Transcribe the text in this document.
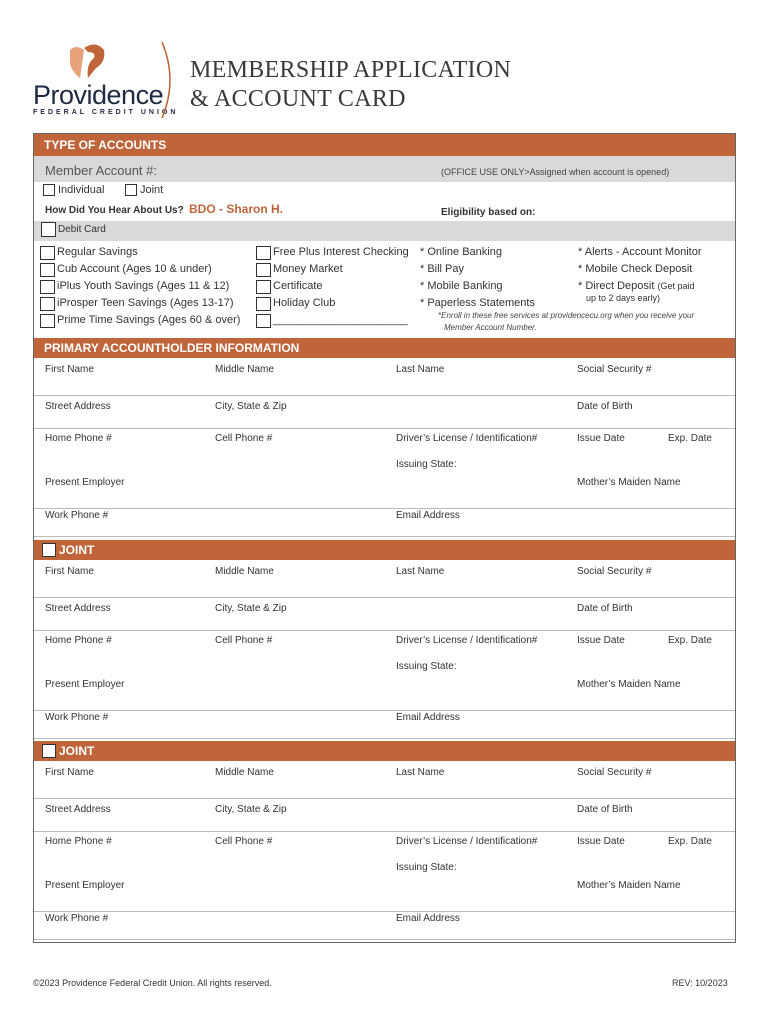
Providence
FEDERAL CREDIT UNION
MEMBERSHIP APPLICATION
& ACCOUNT CARD
TYPE OF ACCOUNTS
Member Account #:	(OFFICE USE ONLY>Assigned when account is opened)
Individual	Joint
How Did You Hear About Us? BDO - Sharon H.	Eligibility based on:
Debit Card
Regular Savings
Cub Account (Ages 10 & under)
iPlus Youth Savings (Ages 11 & 12)
iProsper Teen Savings (Ages 13-17)
Prime Time Savings (Ages 60 & over)
Free Plus Interest Checking
Money Market
Certificate
Holiday Club
______________________
* Online Banking
* Bill Pay
* Mobile Banking
* Paperless Statements
* Alerts - Account Monitor
* Mobile Check Deposit
* Direct Deposit (Get paid
up to 2 days early)
*Enroll in these free services at providencecu.org when you receive your
Member Account Number.
PRIMARY ACCOUNTHOLDER INFORMATION
First Name	Middle Name	Last Name	Social Security #
Street Address	City, State & Zip	Date of Birth
Home Phone #	Cell Phone #	Driver’s License / Identification#	Issue Date	Exp. Date
Issuing State:
Present Employer	Mother’s Maiden Name
Work Phone #	Email Address
JOINT
First Name	Middle Name	Last Name	Social Security #
Street Address	City, State & Zip	Date of Birth
Home Phone #	Cell Phone #	Driver’s License / Identification#	Issue Date	Exp. Date
Issuing State:
Present Employer	Mother’s Maiden Name
Work Phone #	Email Address
JOINT
First Name	Middle Name	Last Name	Social Security #
Street Address	City, State & Zip	Date of Birth
Home Phone #	Cell Phone #	Driver’s License / Identification#	Issue Date	Exp. Date
Issuing State:
Present Employer	Mother’s Maiden Name
Work Phone #	Email Address
©2023 Providence Federal Credit Union. All rights reserved.	REV: 10/2023
